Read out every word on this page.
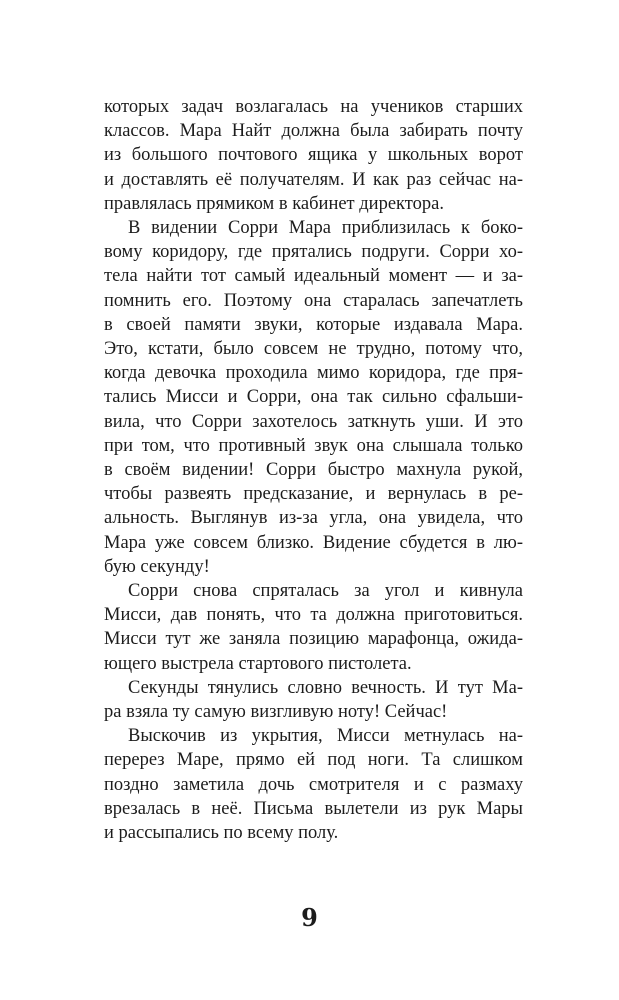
которых задач возлагалась на учеников старших
классов. Мара Найт должна была забирать почту
из большого почтового ящика у школьных ворот
и доставлять её получателям. И как раз сейчас на-
правлялась прямиком в кабинет директора.
В видении Сорри Мара приблизилась к боко-
вому коридору, где прятались подруги. Сорри хо-
тела найти тот самый идеальный момент — и за-
помнить его. Поэтому она старалась запечатлеть
в своей памяти звуки, которые издавала Мара.
Это, кстати, было совсем не трудно, потому что,
когда девочка проходила мимо коридора, где пря-
тались Мисси и Сорри, она так сильно сфальши-
вила, что Сорри захотелось заткнуть уши. И это
при том, что противный звук она слышала только
в своём видении! Сорри быстро махнула рукой,
чтобы развеять предсказание, и вернулась в ре-
альность. Выглянув из-за угла, она увидела, что
Мара уже совсем близко. Видение сбудется в лю-
бую секунду!
Сорри снова спряталась за угол и кивнула
Мисси, дав понять, что та должна приготовиться.
Мисси тут же заняла позицию марафонца, ожида-
ющего выстрела стартового пистолета.
Секунды тянулись словно вечность. И тут Ма-
ра взяла ту самую визгливую ноту! Сейчас!
Выскочив из укрытия, Мисси метнулась на-
перерез Маре, прямо ей под ноги. Та слишком
поздно заметила дочь смотрителя и с размаху
врезалась в неё. Письма вылетели из рук Мары
и рассыпались по всему полу.
9
